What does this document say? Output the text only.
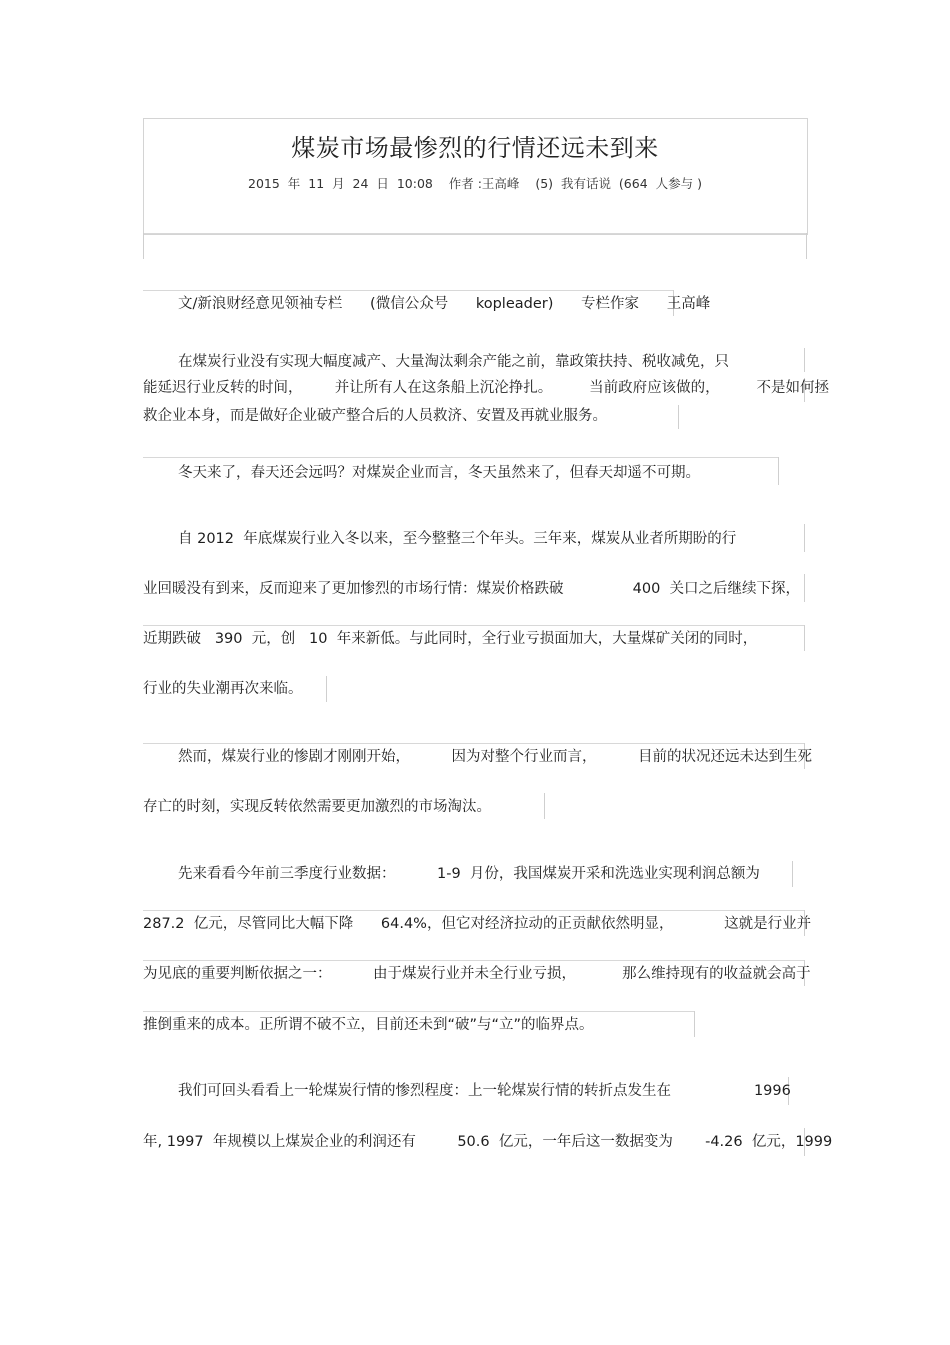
煤炭市场最惨烈的行情还远未到来
2015  年  11  月  24  日  10:08    作者 :王高峰    (5)  我有话说  (664  人参与 )
文/新浪财经意见领袖专栏      (微信公众号      kopleader)      专栏作家      王高峰
在煤炭行业没有实现大幅度减产、大量淘汰剩余产能之前，靠政策扶持、税收减免，只
能延迟行业反转的时间，       并让所有人在这条船上沉沦挣扎。        当前政府应该做的，        不是如何拯
救企业本身，而是做好企业破产整合后的人员救济、安置及再就业服务。
冬天来了，春天还会远吗？对煤炭企业而言，冬天虽然来了，但春天却遥不可期。
自 2012  年底煤炭行业入冬以来，至今整整三个年头。三年来，煤炭从业者所期盼的行
业回暖没有到来，反而迎来了更加惨烈的市场行情：煤炭价格跌破               400  关口之后继续下探，
近期跌破   390  元，创   10  年来新低。与此同时，全行业亏损面加大，大量煤矿关闭的同时，
行业的失业潮再次来临。
然而，煤炭行业的惨剧才刚刚开始，         因为对整个行业而言，         目前的状况还远未达到生死
存亡的时刻，实现反转依然需要更加激烈的市场淘汰。
先来看看今年前三季度行业数据：         1-9  月份，我国煤炭开采和洗选业实现利润总额为
287.2  亿元，尽管同比大幅下降      64.4%，但它对经济拉动的正贡献依然明显，           这就是行业并
为见底的重要判断依据之一：         由于煤炭行业并未全行业亏损，          那么维持现有的收益就会高于
推倒重来的成本。正所谓不破不立，目前还未到“破”与“立”的临界点。
我们可回头看看上一轮煤炭行情的惨烈程度：上一轮煤炭行情的转折点发生在                  1996
年, 1997  年规模以上煤炭企业的利润还有         50.6  亿元，一年后这一数据变为       -4.26  亿元，1999
